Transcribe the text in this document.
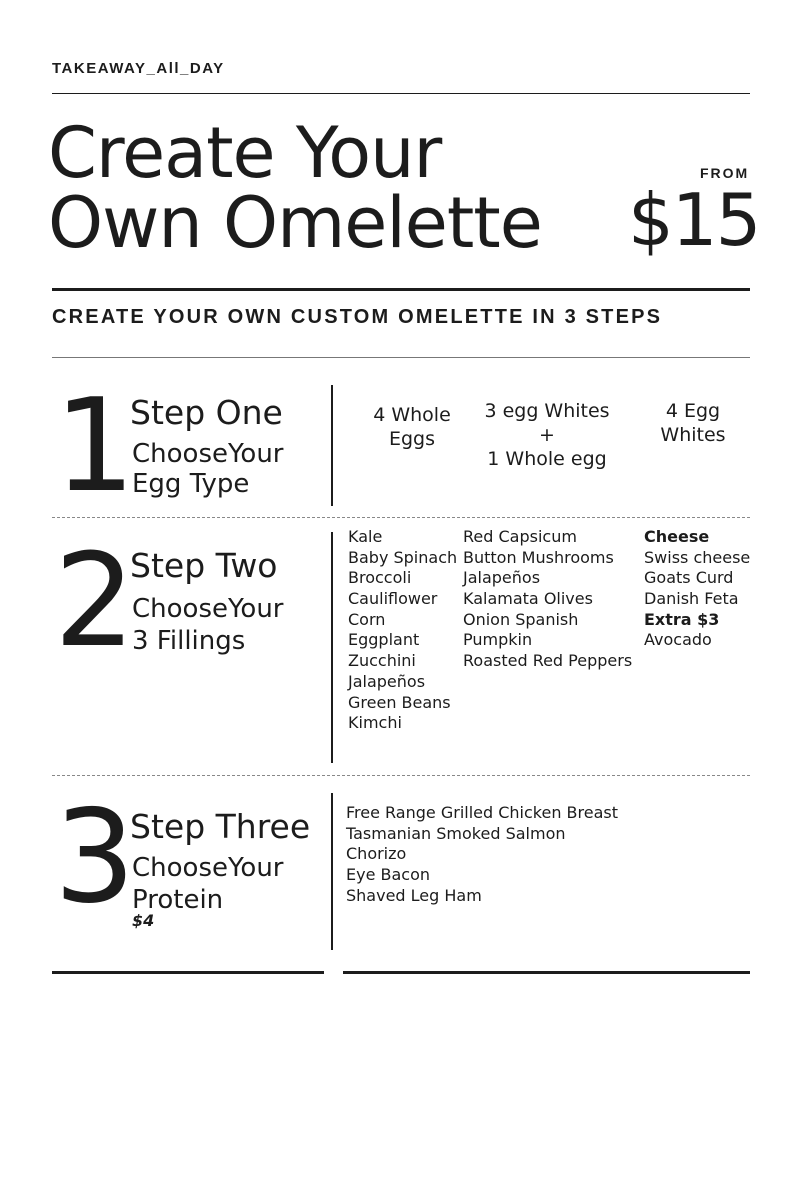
TAKEAWAY_All_DAY
Create Your
Own Omelette
FROM
$15
CREATE YOUR OWN CUSTOM OMELETTE IN 3 STEPS
1
Step One
ChooseYour
Egg Type
4 Whole
Eggs
3 egg Whites
+
1 Whole egg
4 Egg
Whites
2
Step Two
ChooseYour
3 Fillings
Kale
Baby Spinach
Broccoli
Cauliflower
Corn
Eggplant
Zucchini
Jalapeños
Green Beans
Kimchi
Red Capsicum
Button Mushrooms
Jalapeños
Kalamata Olives
Onion Spanish
Pumpkin
Roasted Red Peppers
Cheese
Swiss cheese
Goats Curd
Danish Feta
Extra $3
Avocado
3
Step Three
ChooseYour
Protein
$4
Free Range Grilled Chicken Breast
Tasmanian Smoked Salmon
Chorizo
Eye Bacon
Shaved Leg Ham
